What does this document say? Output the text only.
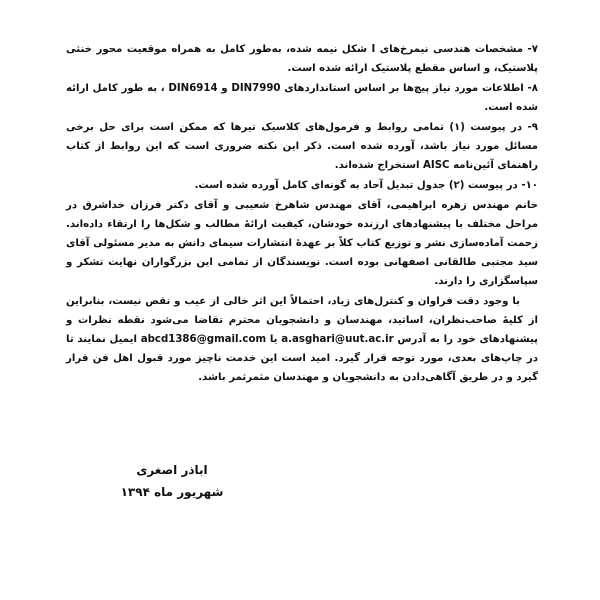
۷- مشخصات هندسی نیمرخ‌های I شکل نیمه شده، به‌طور کامل به همراه موقعیت محور خنثی پلاستیک، و اساس مقطع پلاستیک ارائه شده است.
۸- اطلاعات مورد نیاز پیچ‌ها بر اساس استانداردهای DIN7990 و DIN6914 ، به طور کامل ارائه شده است.
۹- در پیوست (۱) تمامی روابط و فرمول‌های کلاسیک تیرها که ممکن است برای حل برخی مسائل مورد نیاز باشد، آورده شده است. ذکر این نکته ضروری است که این روابط از کتاب راهنمای آئین‌نامه AISC استخراج شده‌اند.
۱۰- در پیوست (۲) جدول تبدیل آحاد به گونه‌ای کامل آورده شده است.

خانم مهندس زهره ابراهیمی، آقای مهندس شاهرخ شعیبی و آقای دکتر فرزان خداشرق در مراحل مختلف با پیشنهادهای ارزنده خودشان، کیفیت ارائهٔ مطالب و شکل‌ها را ارتقاء داده‌اند. زحمت آماده‌سازی نشر و توزیع کتاب کلاً بر عهدهٔ انتشارات سیمای دانش به مدیر مسئولی آقای سید مجتبی طالقانی اصفهانی بوده است. نویسندگان از تمامی این بزرگواران نهایت تشکر و سپاسگزاری را دارند.

با وجود دقت فراوان و کنترل‌های زیاد، احتمالاً این اثر خالی از عیب و نقص نیست، بنابراین از کلیهٔ صاحب‌نظران، اساتید، مهندسان و دانشجویان محترم تقاضا می‌شود نقطه نظرات و پیشنهادهای خود را به آدرس a.asghari@uut.ac.ir یا abcd1386@gmail.com ایمیل نمایند تا در چاپ‌های بعدی، مورد توجه قرار گیرد. امید است این خدمت ناچیز مورد قبول اهل فن قرار گیرد و در طریق آگاهی‌دادن به دانشجویان و مهندسان مثمرثمر باشد.

اباذر اصغری
شهریور ماه ۱۳۹۴
